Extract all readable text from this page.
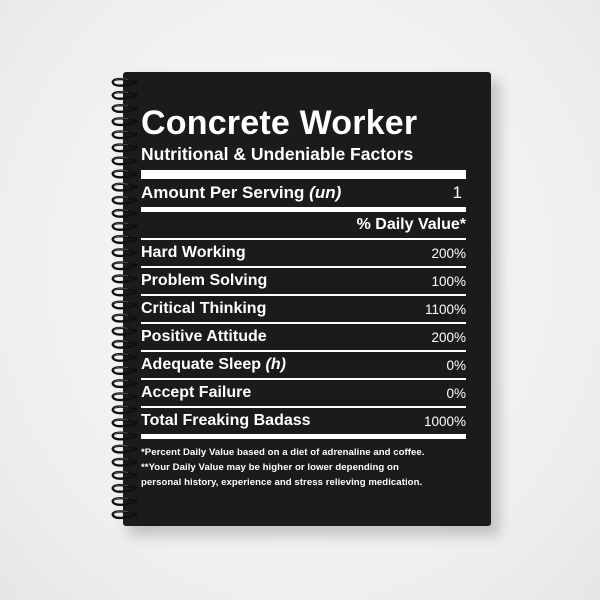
Concrete Worker
Nutritional & Undeniable Factors
Amount Per Serving (un)	1
% Daily Value*
Hard Working	200%
Problem Solving	100%
Critical Thinking	1100%
Positive Attitude	200%
Adequate Sleep (h)	0%
Accept Failure	0%
Total Freaking Badass	1000%
*Percent Daily Value based on a diet of adrenaline and coffee.
**Your Daily Value may be higher or lower depending on
personal history, experience and stress relieving medication.
